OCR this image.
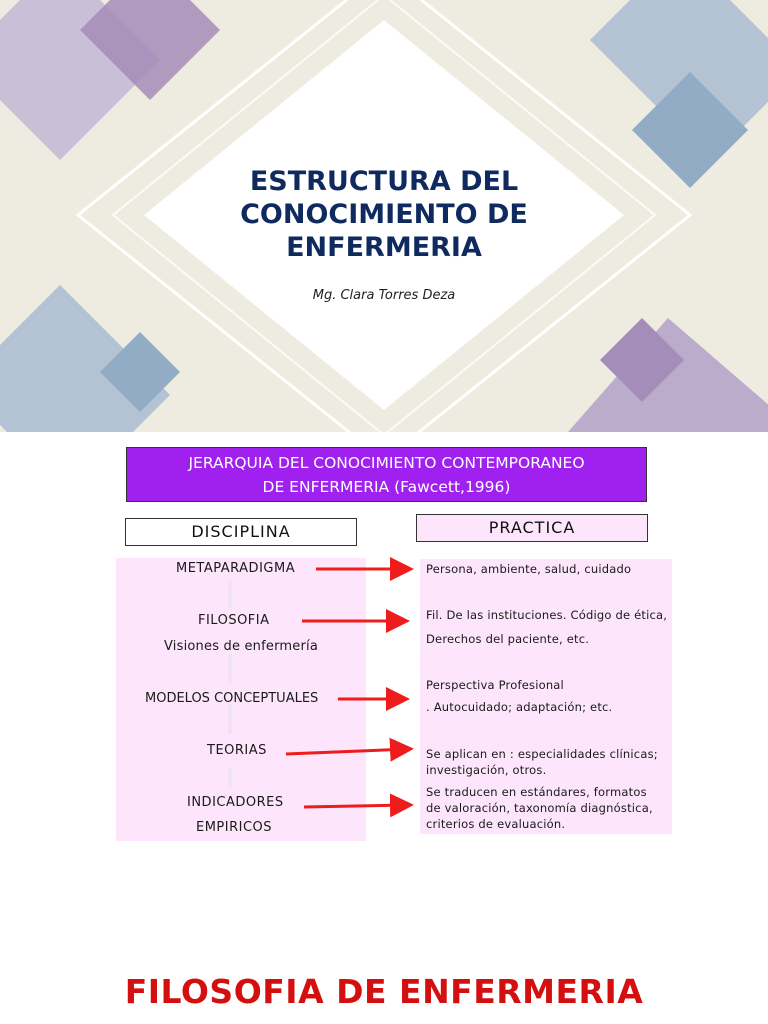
ESTRUCTURA DEL
CONOCIMIENTO DE
ENFERMERIA
Mg. Clara Torres Deza
JERARQUIA DEL CONOCIMIENTO CONTEMPORANEO
DE ENFERMERIA (Fawcett,1996)
DISCIPLINA	PRACTICA
METAPARADIGMA
FILOSOFIA
Visiones de enfermería
MODELOS CONCEPTUALES
TEORIAS
INDICADORES
EMPIRICOS
Persona, ambiente, salud, cuidado
Fil. De las instituciones. Código de ética,
Derechos del paciente, etc.
Perspectiva Profesional
. Autocuidado; adaptación; etc.
Se aplican en : especialidades clínicas;
investigación, otros.
Se traducen en estándares, formatos
de valoración, taxonomía diagnóstica,
criterios de evaluación.
FILOSOFIA DE ENFERMERIA
